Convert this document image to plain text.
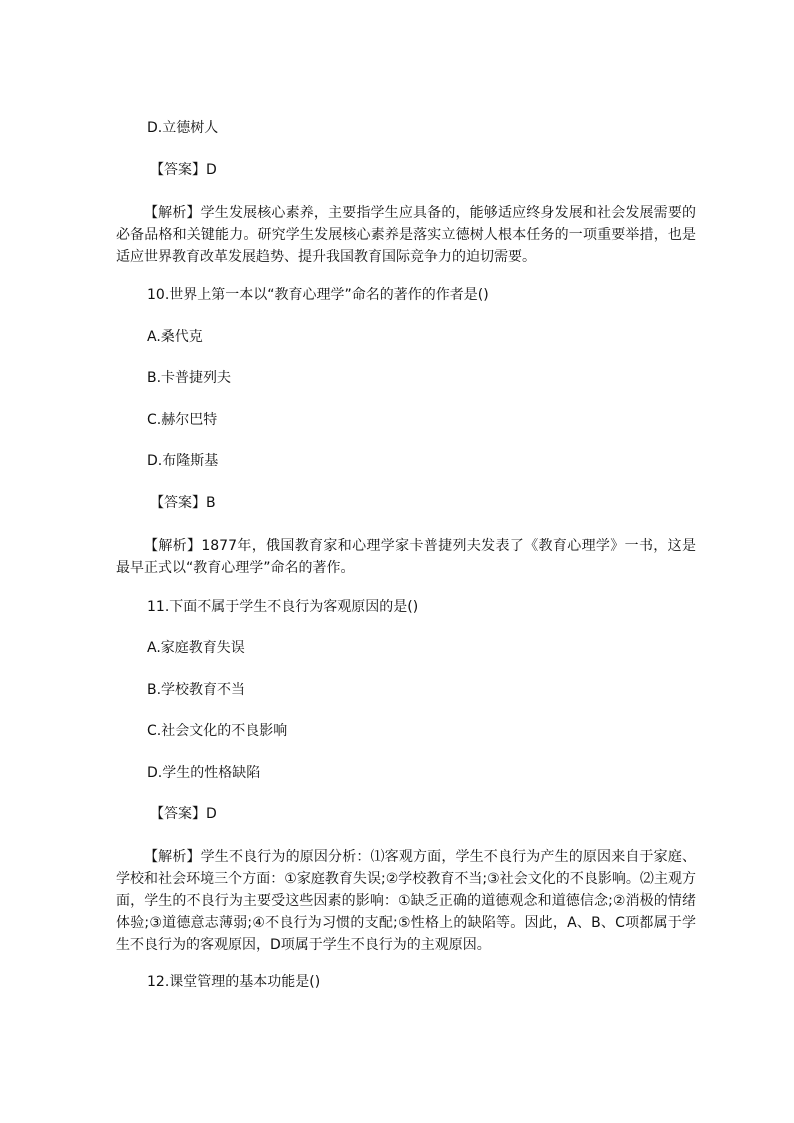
D.立德树人
【答案】D
【解析】学生发展核心素养，主要指学生应具备的，能够适应终身发展和社会发展需要的必备品格和关键能力。研究学生发展核心素养是落实立德树人根本任务的一项重要举措，也是适应世界教育改革发展趋势、提升我国教育国际竞争力的迫切需要。
10.世界上第一本以“教育心理学”命名的著作的作者是()
A.桑代克
B.卡普捷列夫
C.赫尔巴特
D.布隆斯基
【答案】B
【解析】1877年，俄国教育家和心理学家卡普捷列夫发表了《教育心理学》一书，这是最早正式以“教育心理学”命名的著作。
11.下面不属于学生不良行为客观原因的是()
A.家庭教育失误
B.学校教育不当
C.社会文化的不良影响
D.学生的性格缺陷
【答案】D
【解析】学生不良行为的原因分析：⑴客观方面，学生不良行为产生的原因来自于家庭、学校和社会环境三个方面：①家庭教育失误;②学校教育不当;③社会文化的不良影响。⑵主观方面，学生的不良行为主要受这些因素的影响：①缺乏正确的道德观念和道德信念;②消极的情绪体验;③道德意志薄弱;④不良行为习惯的支配;⑤性格上的缺陷等。因此，A、B、C项都属于学生不良行为的客观原因，D项属于学生不良行为的主观原因。
12.课堂管理的基本功能是()
